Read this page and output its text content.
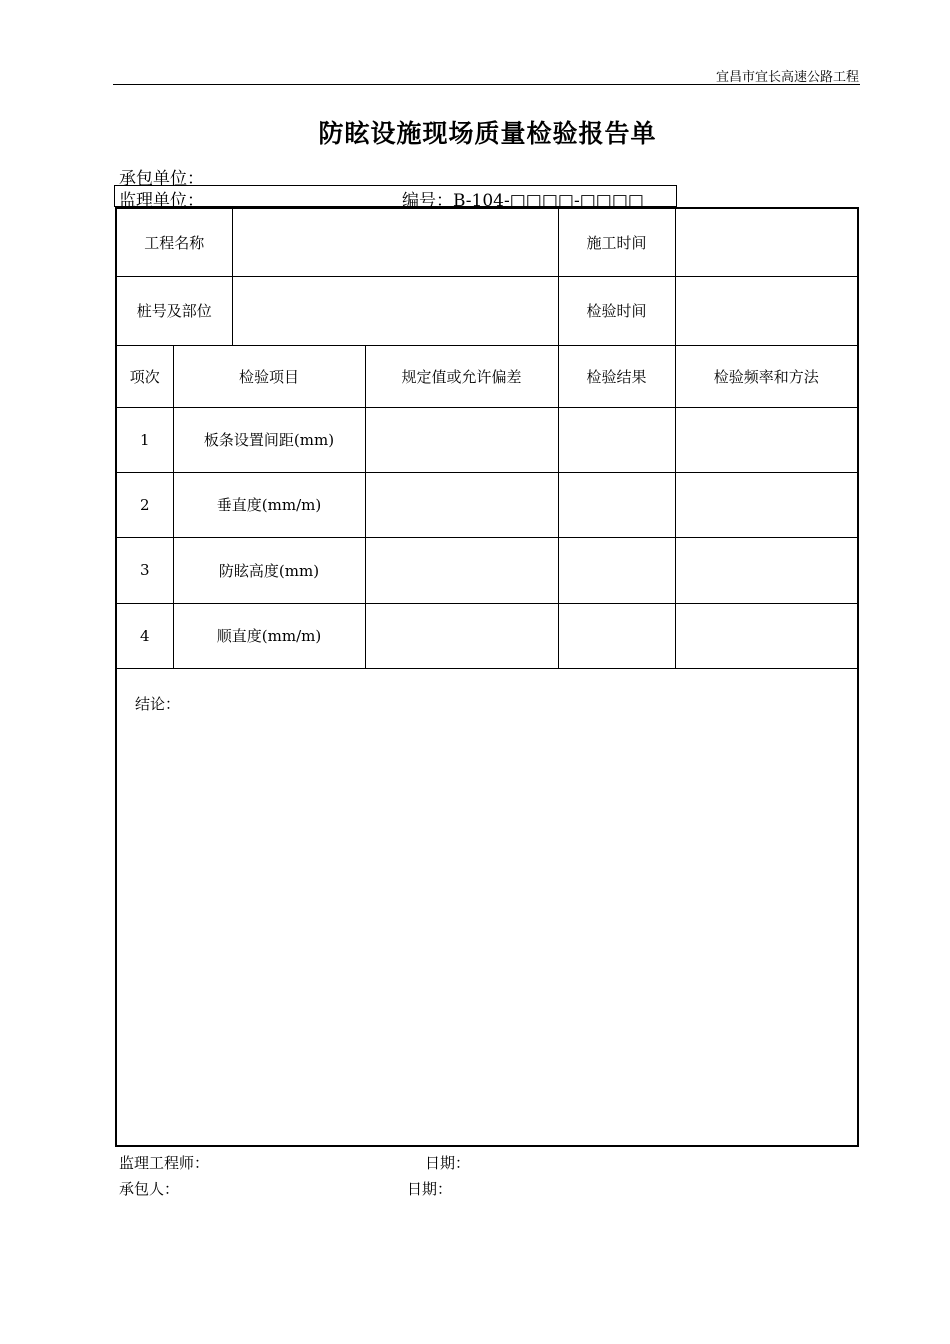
宜昌市宜长高速公路工程
防眩设施现场质量检验报告单
承包单位：
监理单位：	编号：B-104-□□□□-□□□□
工程名称				施工时间	
桩号及部位				检验时间	
项次	检验项目		规定值或允许偏差	检验结果	检验频率和方法
1	板条设置间距(mm)				
2	垂直度(mm/m)				
3	防眩高度(mm)				
4	顺直度(mm/m)				
结论：					
监理工程师：	日期：
承包人：	日期：
